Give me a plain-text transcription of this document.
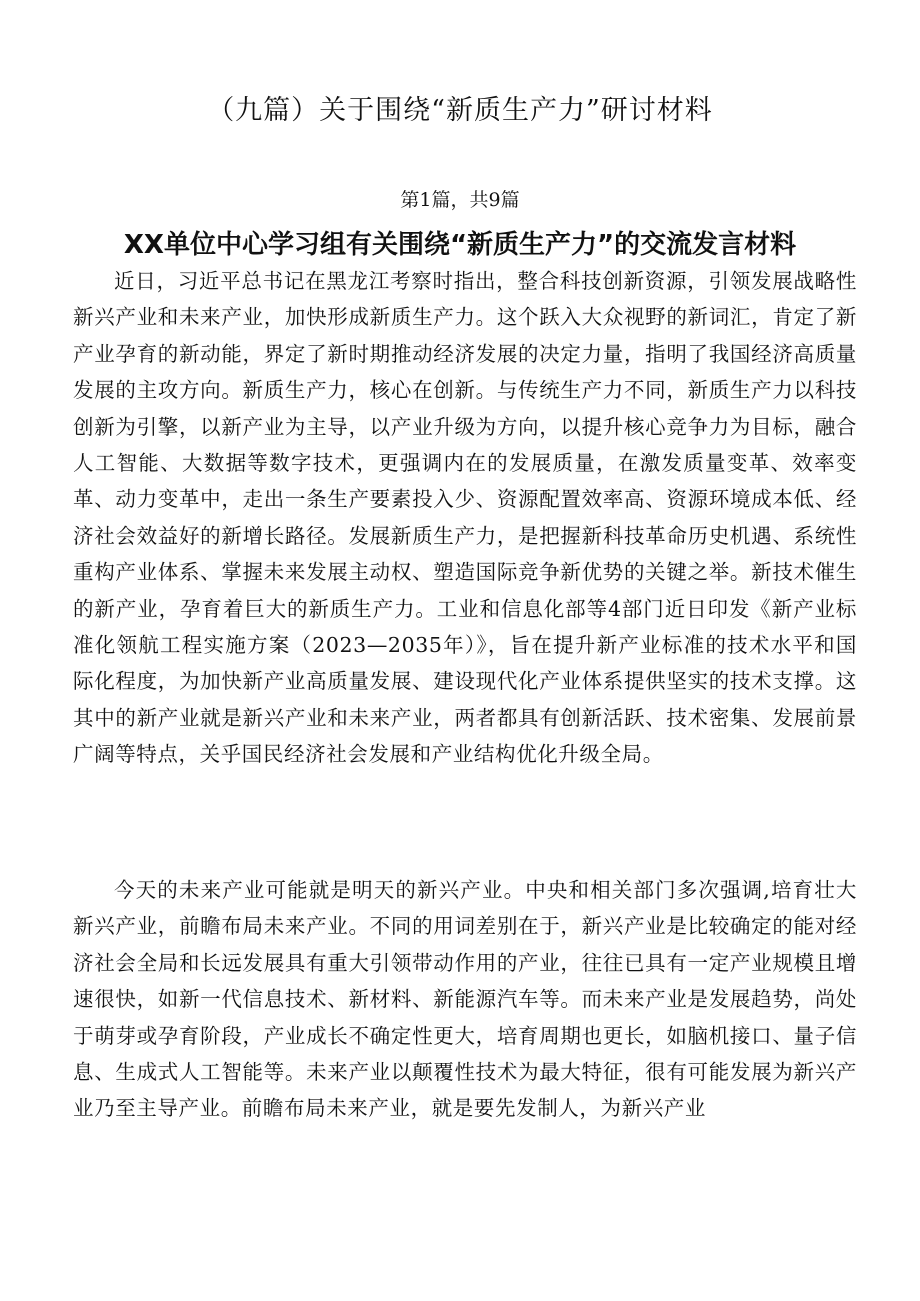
（九篇）关于围绕“新质生产力”研讨材料
第1篇，共9篇
XX单位中心学习组有关围绕“新质生产力”的交流发言材料

近日，习近平总书记在黑龙江考察时指出，整合科技创新资源，引领发展战略性新兴产业和未来产业，加快形成新质生产力。这个跃入大众视野的新词汇，肯定了新产业孕育的新动能，界定了新时期推动经济发展的决定力量，指明了我国经济高质量发展的主攻方向。新质生产力，核心在创新。与传统生产力不同，新质生产力以科技创新为引擎，以新产业为主导，以产业升级为方向，以提升核心竞争力为目标，融合人工智能、大数据等数字技术，更强调内在的发展质量，在激发质量变革、效率变革、动力变革中，走出一条生产要素投入少、资源配置效率高、资源环境成本低、经济社会效益好的新增长路径。发展新质生产力，是把握新科技革命历史机遇、系统性重构产业体系、掌握未来发展主动权、塑造国际竞争新优势的关键之举。新技术催生的新产业，孕育着巨大的新质生产力。工业和信息化部等4部门近日印发《新产业标准化领航工程实施方案（2023—2035年）》，旨在提升新产业标准的技术水平和国际化程度，为加快新产业高质量发展、建设现代化产业体系提供坚实的技术支撑。这其中的新产业就是新兴产业和未来产业，两者都具有创新活跃、技术密集、发展前景广阔等特点，关乎国民经济社会发展和产业结构优化升级全局。

今天的未来产业可能就是明天的新兴产业。中央和相关部门多次强调,培育壮大新兴产业，前瞻布局未来产业。不同的用词差别在于，新兴产业是比较确定的能对经济社会全局和长远发展具有重大引领带动作用的产业，往往已具有一定产业规模且增速很快，如新一代信息技术、新材料、新能源汽车等。而未来产业是发展趋势，尚处于萌芽或孕育阶段，产业成长不确定性更大，培育周期也更长，如脑机接口、量子信息、生成式人工智能等。未来产业以颠覆性技术为最大特征，很有可能发展为新兴产业乃至主导产业。前瞻布局未来产业，就是要先发制人，为新兴产业
